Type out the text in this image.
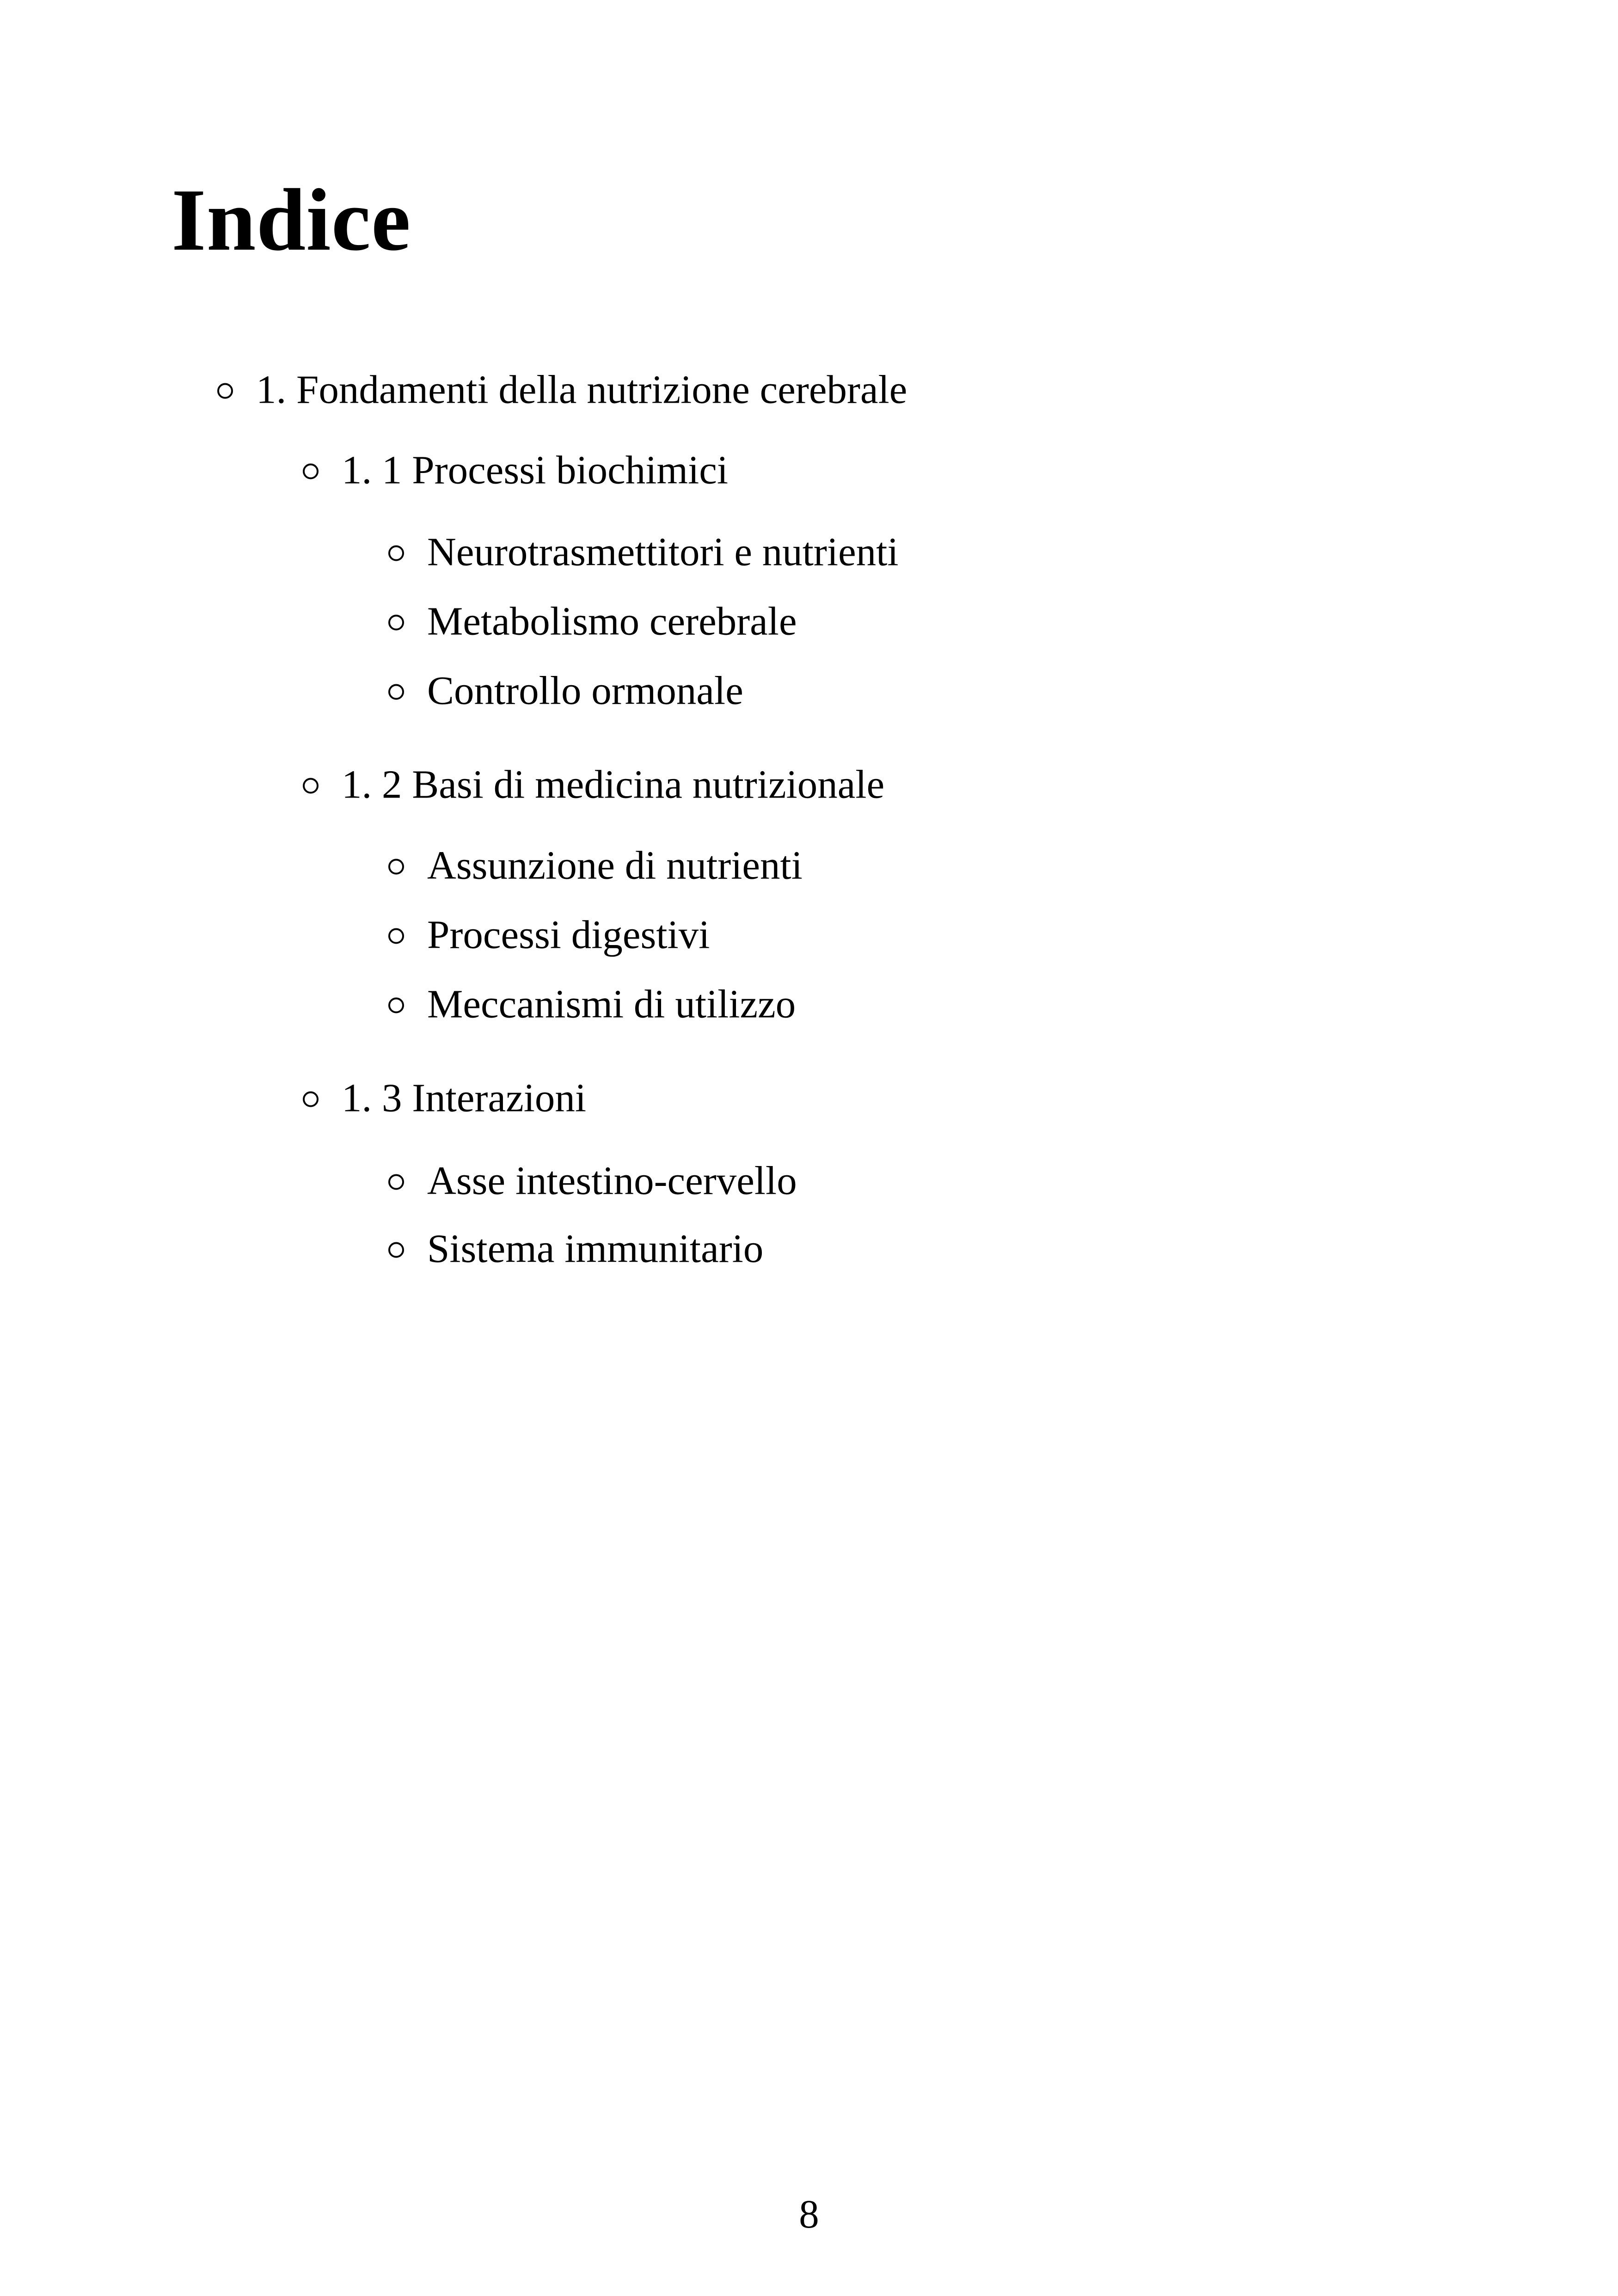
Indice
1. Fondamenti della nutrizione cerebrale
1. 1 Processi biochimici
Neurotrasmettitori e nutrienti
Metabolismo cerebrale
Controllo ormonale
1. 2 Basi di medicina nutrizionale
Assunzione di nutrienti
Processi digestivi
Meccanismi di utilizzo
1. 3 Interazioni
Asse intestino-cervello
Sistema immunitario
8
